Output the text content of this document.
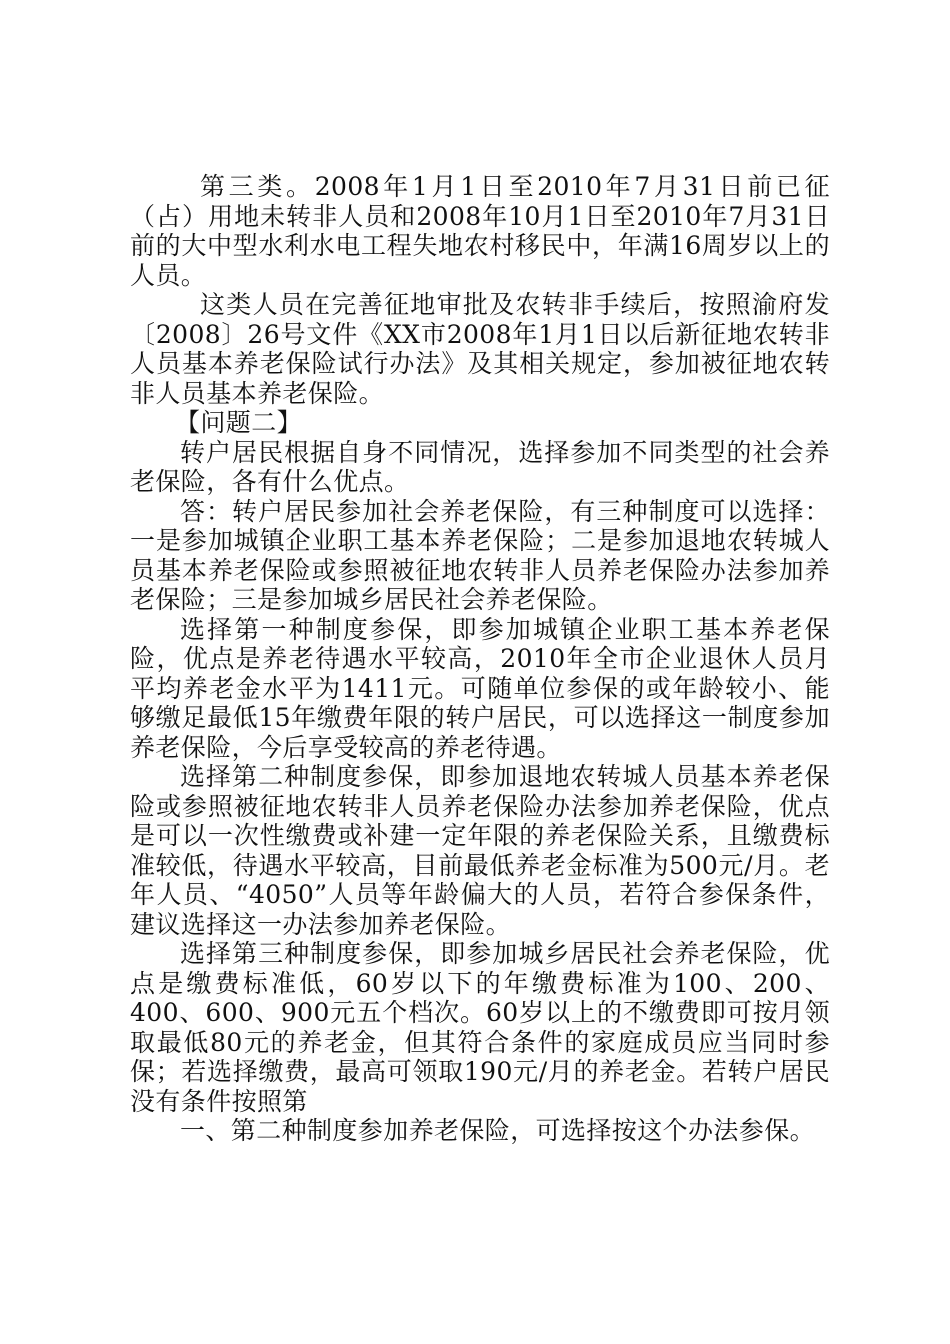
第三类。2008年1月1日至2010年7月31日前已征（占）用地未转非人员和2008年10月1日至2010年7月31日前的大中型水利水电工程失地农村移民中，年满16周岁以上的人员。

这类人员在完善征地审批及农转非手续后，按照渝府发〔2008〕26号文件《XX市2008年1月1日以后新征地农转非人员基本养老保险试行办法》及其相关规定，参加被征地农转非人员基本养老保险。

【问题二】

转户居民根据自身不同情况，选择参加不同类型的社会养老保险，各有什么优点。

答：转户居民参加社会养老保险，有三种制度可以选择：一是参加城镇企业职工基本养老保险；二是参加退地农转城人员基本养老保险或参照被征地农转非人员养老保险办法参加养老保险；三是参加城乡居民社会养老保险。

选择第一种制度参保，即参加城镇企业职工基本养老保险，优点是养老待遇水平较高，2010年全市企业退休人员月平均养老金水平为1411元。可随单位参保的或年龄较小、能够缴足最低15年缴费年限的转户居民，可以选择这一制度参加养老保险，今后享受较高的养老待遇。

选择第二种制度参保，即参加退地农转城人员基本养老保险或参照被征地农转非人员养老保险办法参加养老保险，优点是可以一次性缴费或补建一定年限的养老保险关系，且缴费标准较低，待遇水平较高，目前最低养老金标准为500元/月。老年人员、“4050”人员等年龄偏大的人员，若符合参保条件，建议选择这一办法参加养老保险。

选择第三种制度参保，即参加城乡居民社会养老保险，优点是缴费标准低，60岁以下的年缴费标准为100、200、400、600、900元五个档次。60岁以上的不缴费即可按月领取最低80元的养老金，但其符合条件的家庭成员应当同时参保；若选择缴费，最高可领取190元/月的养老金。若转户居民没有条件按照第

一、第二种制度参加养老保险，可选择按这个办法参保。
